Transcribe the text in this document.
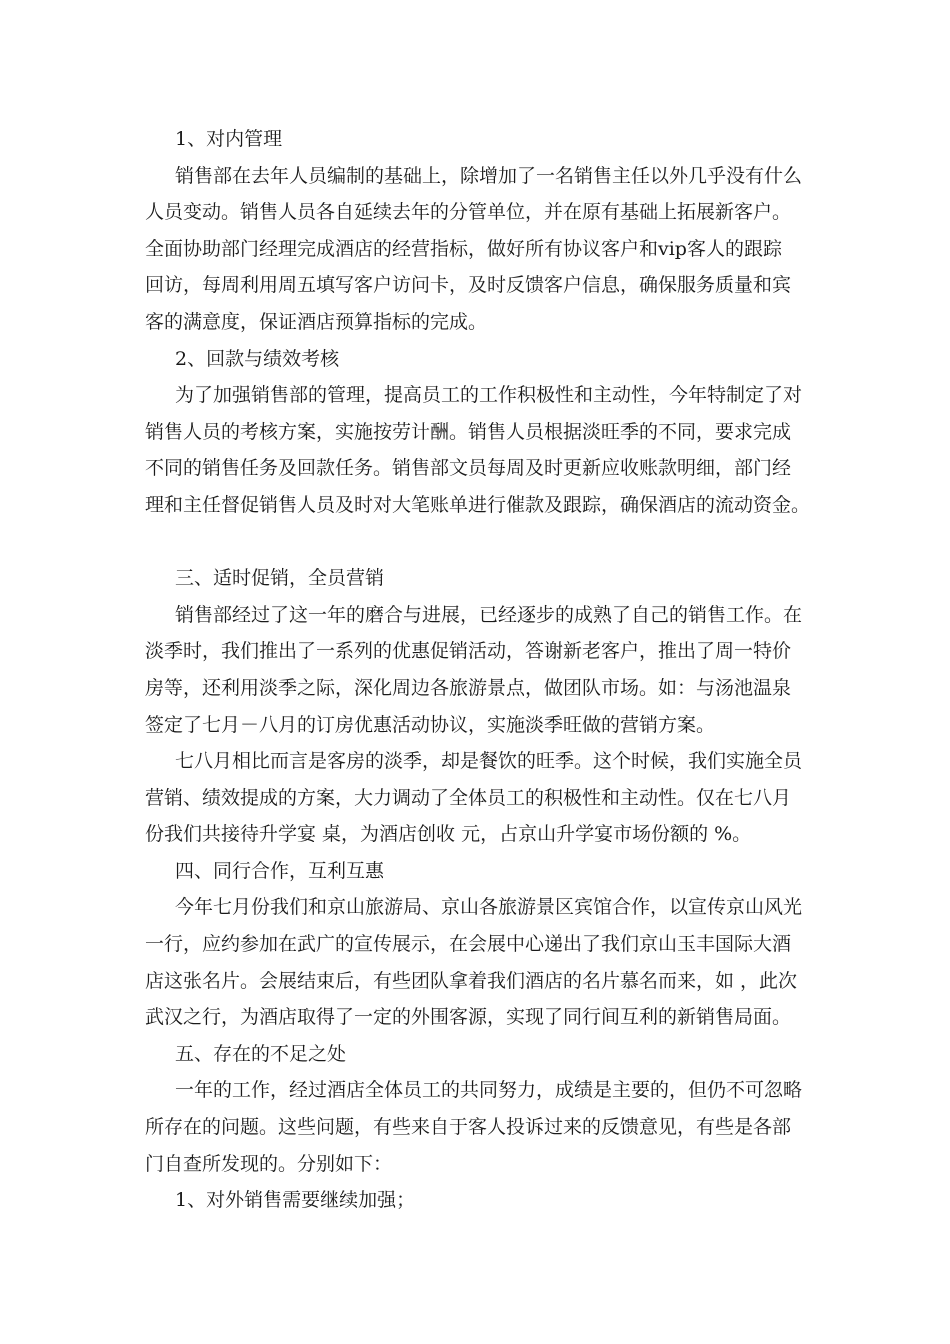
1、对内管理
销售部在去年人员编制的基础上，除增加了一名销售主任以外几乎没有什么
人员变动。销售人员各自延续去年的分管单位，并在原有基础上拓展新客户。
全面协助部门经理完成酒店的经营指标，做好所有协议客户和vip客人的跟踪
回访，每周利用周五填写客户访问卡，及时反馈客户信息，确保服务质量和宾
客的满意度，保证酒店预算指标的完成。
2、回款与绩效考核
为了加强销售部的管理，提高员工的工作积极性和主动性，今年特制定了对
销售人员的考核方案，实施按劳计酬。销售人员根据淡旺季的不同，要求完成
不同的销售任务及回款任务。销售部文员每周及时更新应收账款明细，部门经
理和主任督促销售人员及时对大笔账单进行催款及跟踪，确保酒店的流动资金。
三、适时促销，全员营销
销售部经过了这一年的磨合与进展，已经逐步的成熟了自己的销售工作。在
淡季时，我们推出了一系列的优惠促销活动，答谢新老客户，推出了周一特价
房等，还利用淡季之际，深化周边各旅游景点，做团队市场。如：与汤池温泉
签定了七月－八月的订房优惠活动协议，实施淡季旺做的营销方案。
七八月相比而言是客房的淡季，却是餐饮的旺季。这个时候，我们实施全员
营销、绩效提成的方案，大力调动了全体员工的积极性和主动性。仅在七八月
份我们共接待升学宴 桌，为酒店创收 元，占京山升学宴市场份额的 %。
四、同行合作，互利互惠
今年七月份我们和京山旅游局、京山各旅游景区宾馆合作，以宣传京山风光
一行，应约参加在武广的宣传展示，在会展中心递出了我们京山玉丰国际大酒
店这张名片。会展结束后，有些团队拿着我们酒店的名片慕名而来，如 ，此次
武汉之行，为酒店取得了一定的外围客源，实现了同行间互利的新销售局面。
五、存在的不足之处
一年的工作，经过酒店全体员工的共同努力，成绩是主要的，但仍不可忽略
所存在的问题。这些问题，有些来自于客人投诉过来的反馈意见，有些是各部
门自查所发现的。分别如下：
1、对外销售需要继续加强；
